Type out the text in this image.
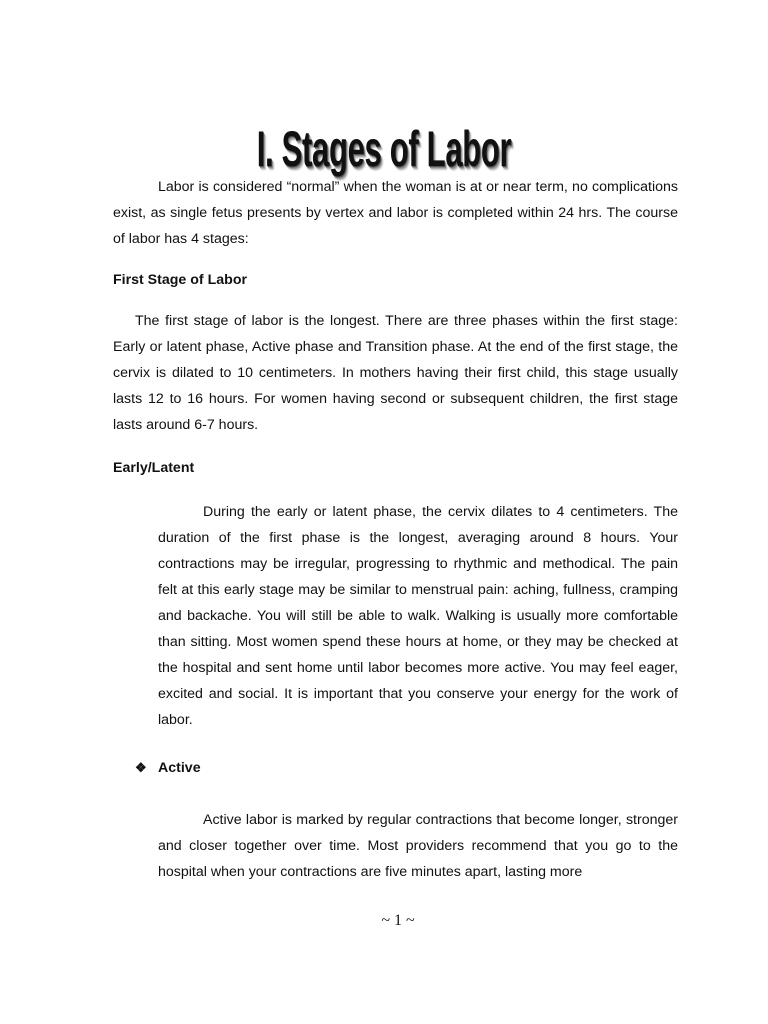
I. Stages of Labor

Labor is considered “normal” when the woman is at or near term, no complications exist, as single fetus presents by vertex and labor is completed within 24 hrs. The course of labor has 4 stages:

First Stage of Labor

The first stage of labor is the longest. There are three phases within the first stage: Early or latent phase, Active phase and Transition phase. At the end of the first stage, the cervix is dilated to 10 centimeters. In mothers having their first child, this stage usually lasts 12 to 16 hours. For women having second or subsequent children, the first stage lasts around 6-7 hours.

Early/Latent

During the early or latent phase, the cervix dilates to 4 centimeters. The duration of the first phase is the longest, averaging around 8 hours. Your contractions may be irregular, progressing to rhythmic and methodical. The pain felt at this early stage may be similar to menstrual pain: aching, fullness, cramping and backache. You will still be able to walk. Walking is usually more comfortable than sitting. Most women spend these hours at home, or they may be checked at the hospital and sent home until labor becomes more active. You may feel eager, excited and social. It is important that you conserve your energy for the work of labor.

❖ Active

Active labor is marked by regular contractions that become longer, stronger and closer together over time. Most providers recommend that you go to the hospital when your contractions are five minutes apart, lasting more

~ 1 ~
